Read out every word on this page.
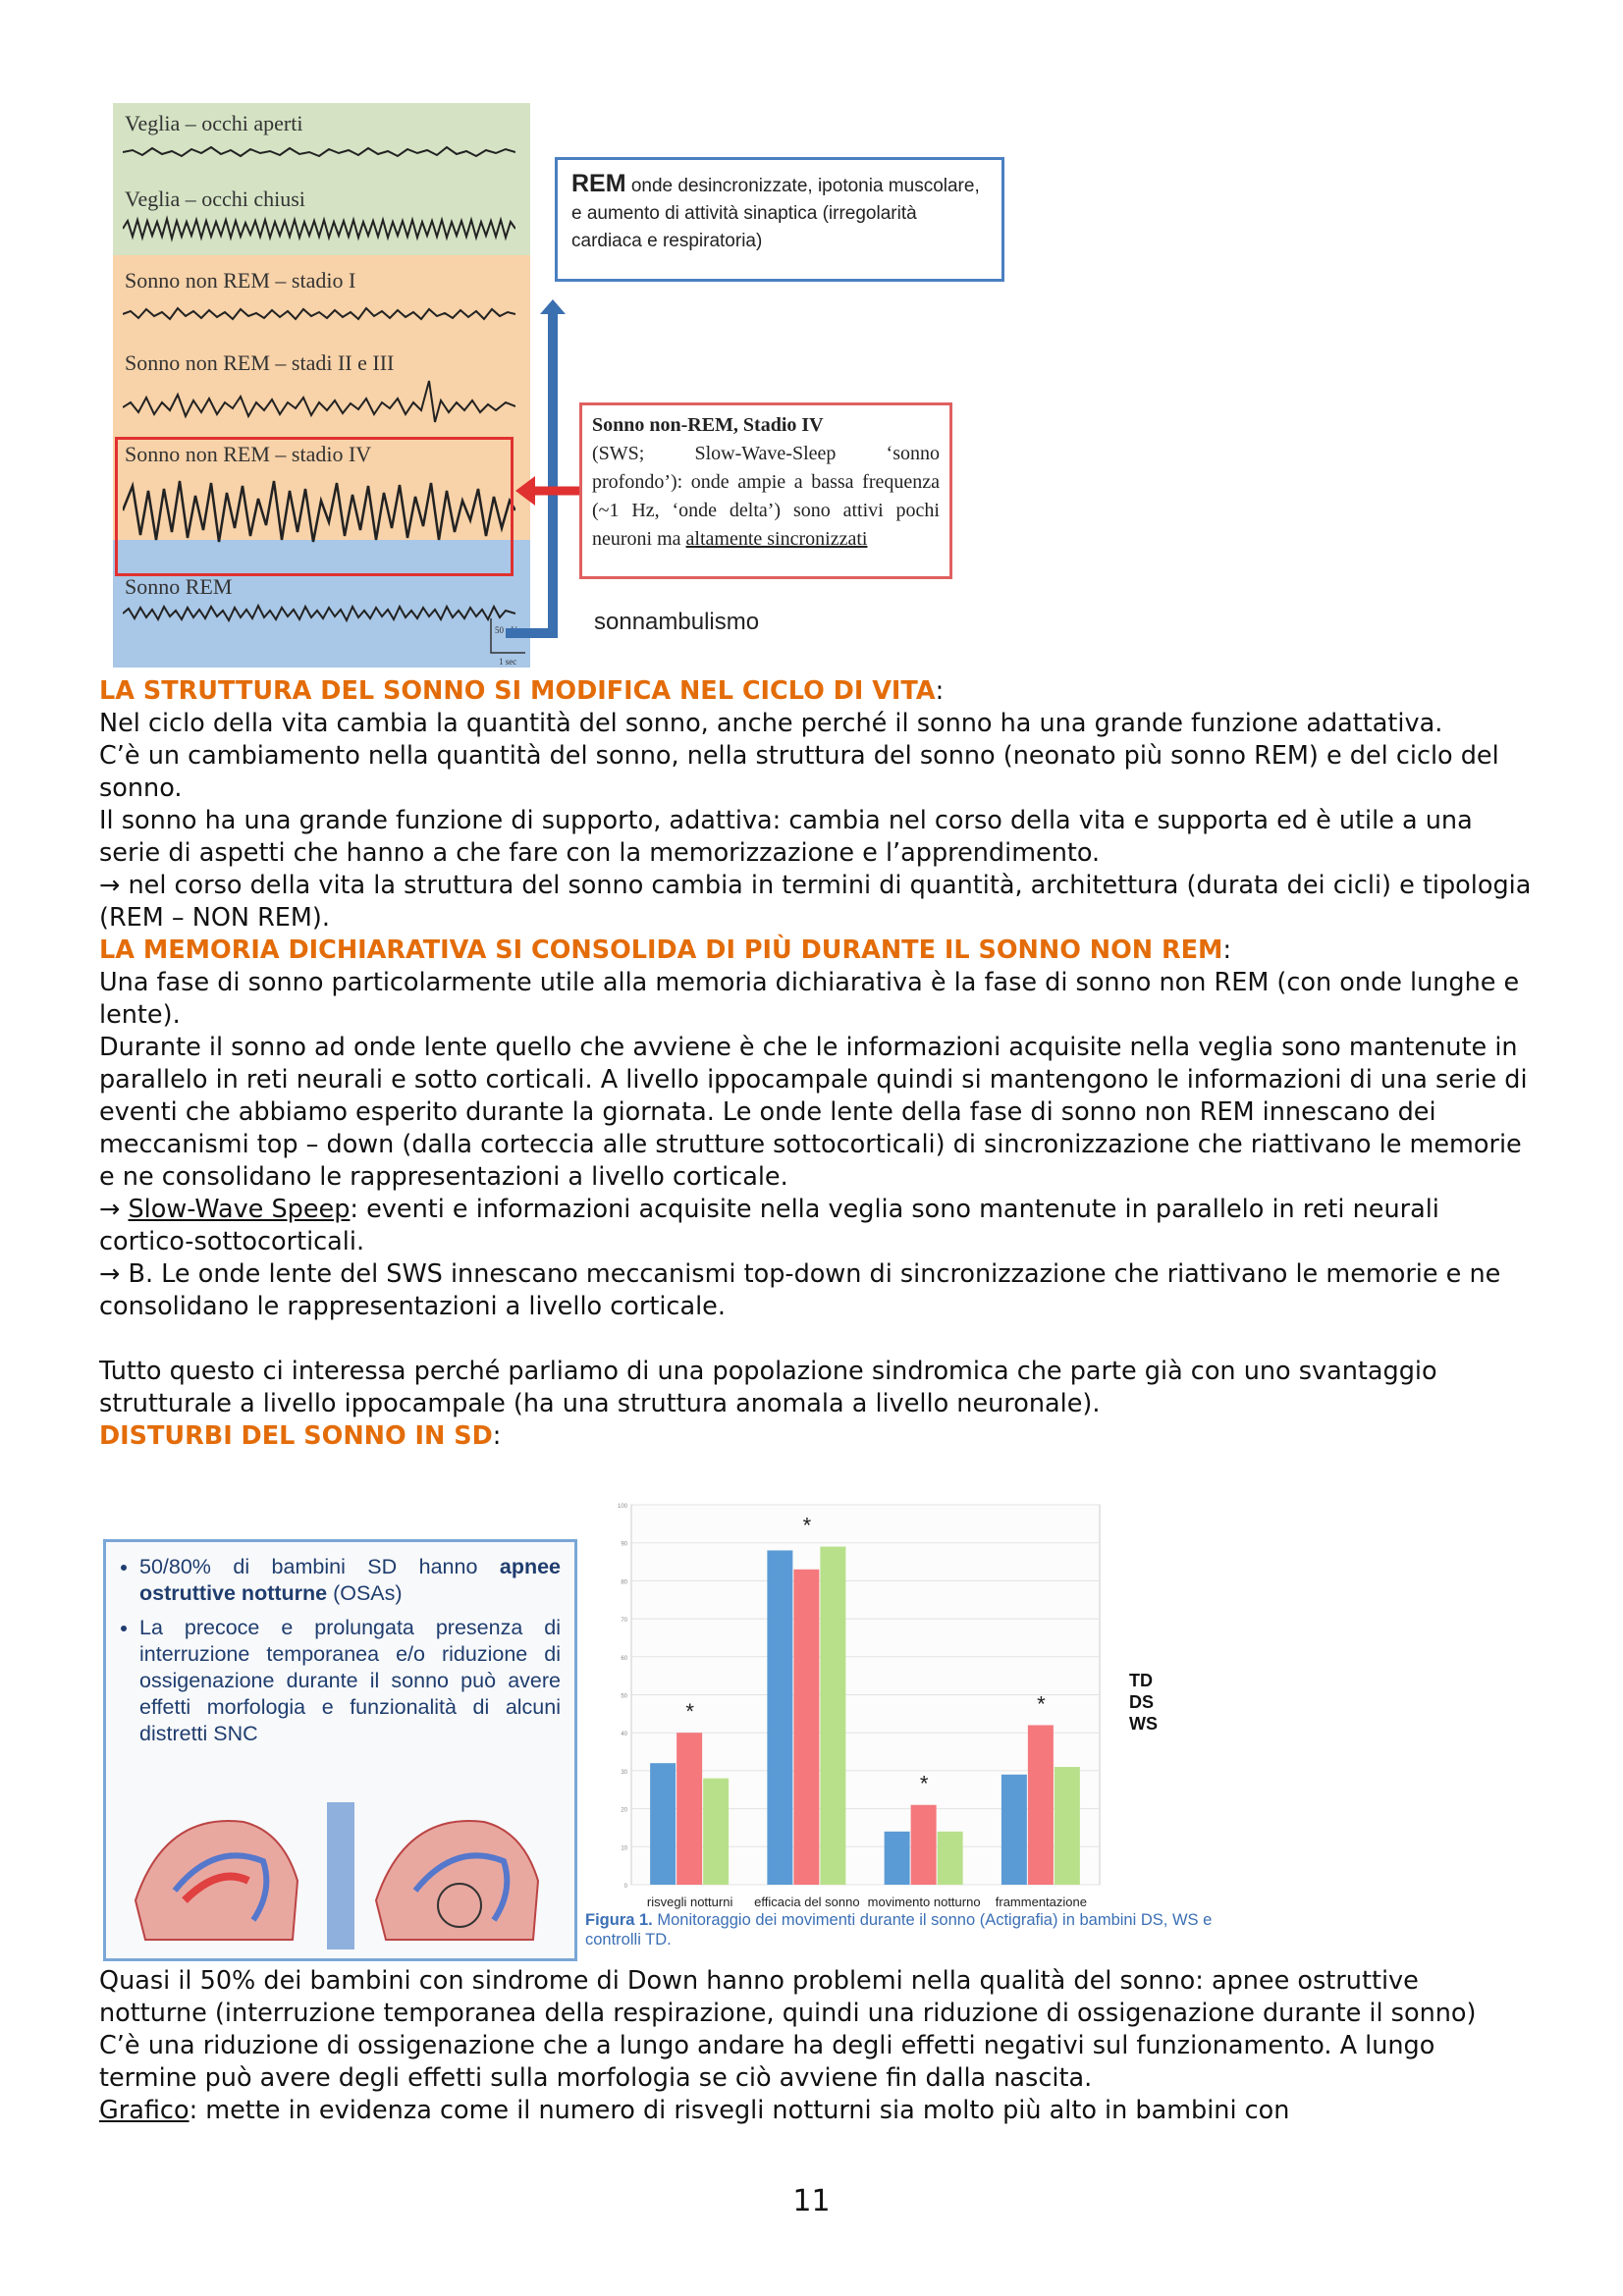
Veglia – occhi aperti
Veglia – occhi chiusi
Sonno non REM – stadio I
Sonno non REM – stadi II e III
Sonno non REM – stadio IV
Sonno REM
50 µV
1 sec
REM onde desincronizzate, ipotonia muscolare, e aumento di attività sinaptica (irregolarità cardiaca e respiratoria)
Sonno non-REM, Stadio IV
(SWS; Slow-Wave-Sleep ‘sonno profondo’): onde ampie a bassa frequenza (~1 Hz, ‘onde delta’) sono attivi pochi neuroni ma altamente sincronizzati
sonnambulismo
LA STRUTTURA DEL SONNO SI MODIFICA NEL CICLO DI VITA:
Nel ciclo della vita cambia la quantità del sonno, anche perché il sonno ha una grande funzione adattativa.
C’è un cambiamento nella quantità del sonno, nella struttura del sonno (neonato più sonno REM) e del ciclo del sonno.
Il sonno ha una grande funzione di supporto, adattiva: cambia nel corso della vita e supporta ed è utile a una serie di aspetti che hanno a che fare con la memorizzazione e l’apprendimento.
→ nel corso della vita la struttura del sonno cambia in termini di quantità, architettura (durata dei cicli) e tipologia (REM – NON REM).
LA MEMORIA DICHIARATIVA SI CONSOLIDA DI PIÙ DURANTE IL SONNO NON REM:
Una fase di sonno particolarmente utile alla memoria dichiarativa è la fase di sonno non REM (con onde lunghe e lente).
Durante il sonno ad onde lente quello che avviene è che le informazioni acquisite nella veglia sono mantenute in parallelo in reti neurali e sotto corticali. A livello ippocampale quindi si mantengono le informazioni di una serie di eventi che abbiamo esperito durante la giornata. Le onde lente della fase di sonno non REM innescano dei meccanismi top – down (dalla corteccia alle strutture sottocorticali) di sincronizzazione che riattivano le memorie e ne consolidano le rappresentazioni a livello corticale.
→ Slow-Wave Speep: eventi e informazioni acquisite nella veglia sono mantenute in parallelo in reti neurali cortico-sottocorticali.
→ B. Le onde lente del SWS innescano meccanismi top-down di sincronizzazione che riattivano le memorie e ne consolidano le rappresentazioni a livello corticale.
Tutto questo ci interessa perché parliamo di una popolazione sindromica che parte già con uno svantaggio strutturale a livello ippocampale (ha una struttura anomala a livello neuronale).
DISTURBI DEL SONNO IN SD:
• 50/80% di bambini SD hanno apnee ostruttive notturne (OSAs)
• La precoce e prolungata presenza di interruzione temporanea e/o riduzione di ossigenazione durante il sonno può avere effetti morfologia e funzionalità di alcuni distretti SNC
0
10
20
30
40
50
60
70
80
90
100
*
risvegli notturni
*
efficacia del sonno
*
movimento notturno
*
frammentazione
TD
DS
WS
Figura 1. Monitoraggio dei movimenti durante il sonno (Actigrafia) in bambini DS, WS e controlli TD.
Quasi il 50% dei bambini con sindrome di Down hanno problemi nella qualità del sonno: apnee ostruttive notturne (interruzione temporanea della respirazione, quindi una riduzione di ossigenazione durante il sonno)
C’è una riduzione di ossigenazione che a lungo andare ha degli effetti negativi sul funzionamento. A lungo termine può avere degli effetti sulla morfologia se ciò avviene fin dalla nascita.
Grafico: mette in evidenza come il numero di risvegli notturni sia molto più alto in bambini con
11
